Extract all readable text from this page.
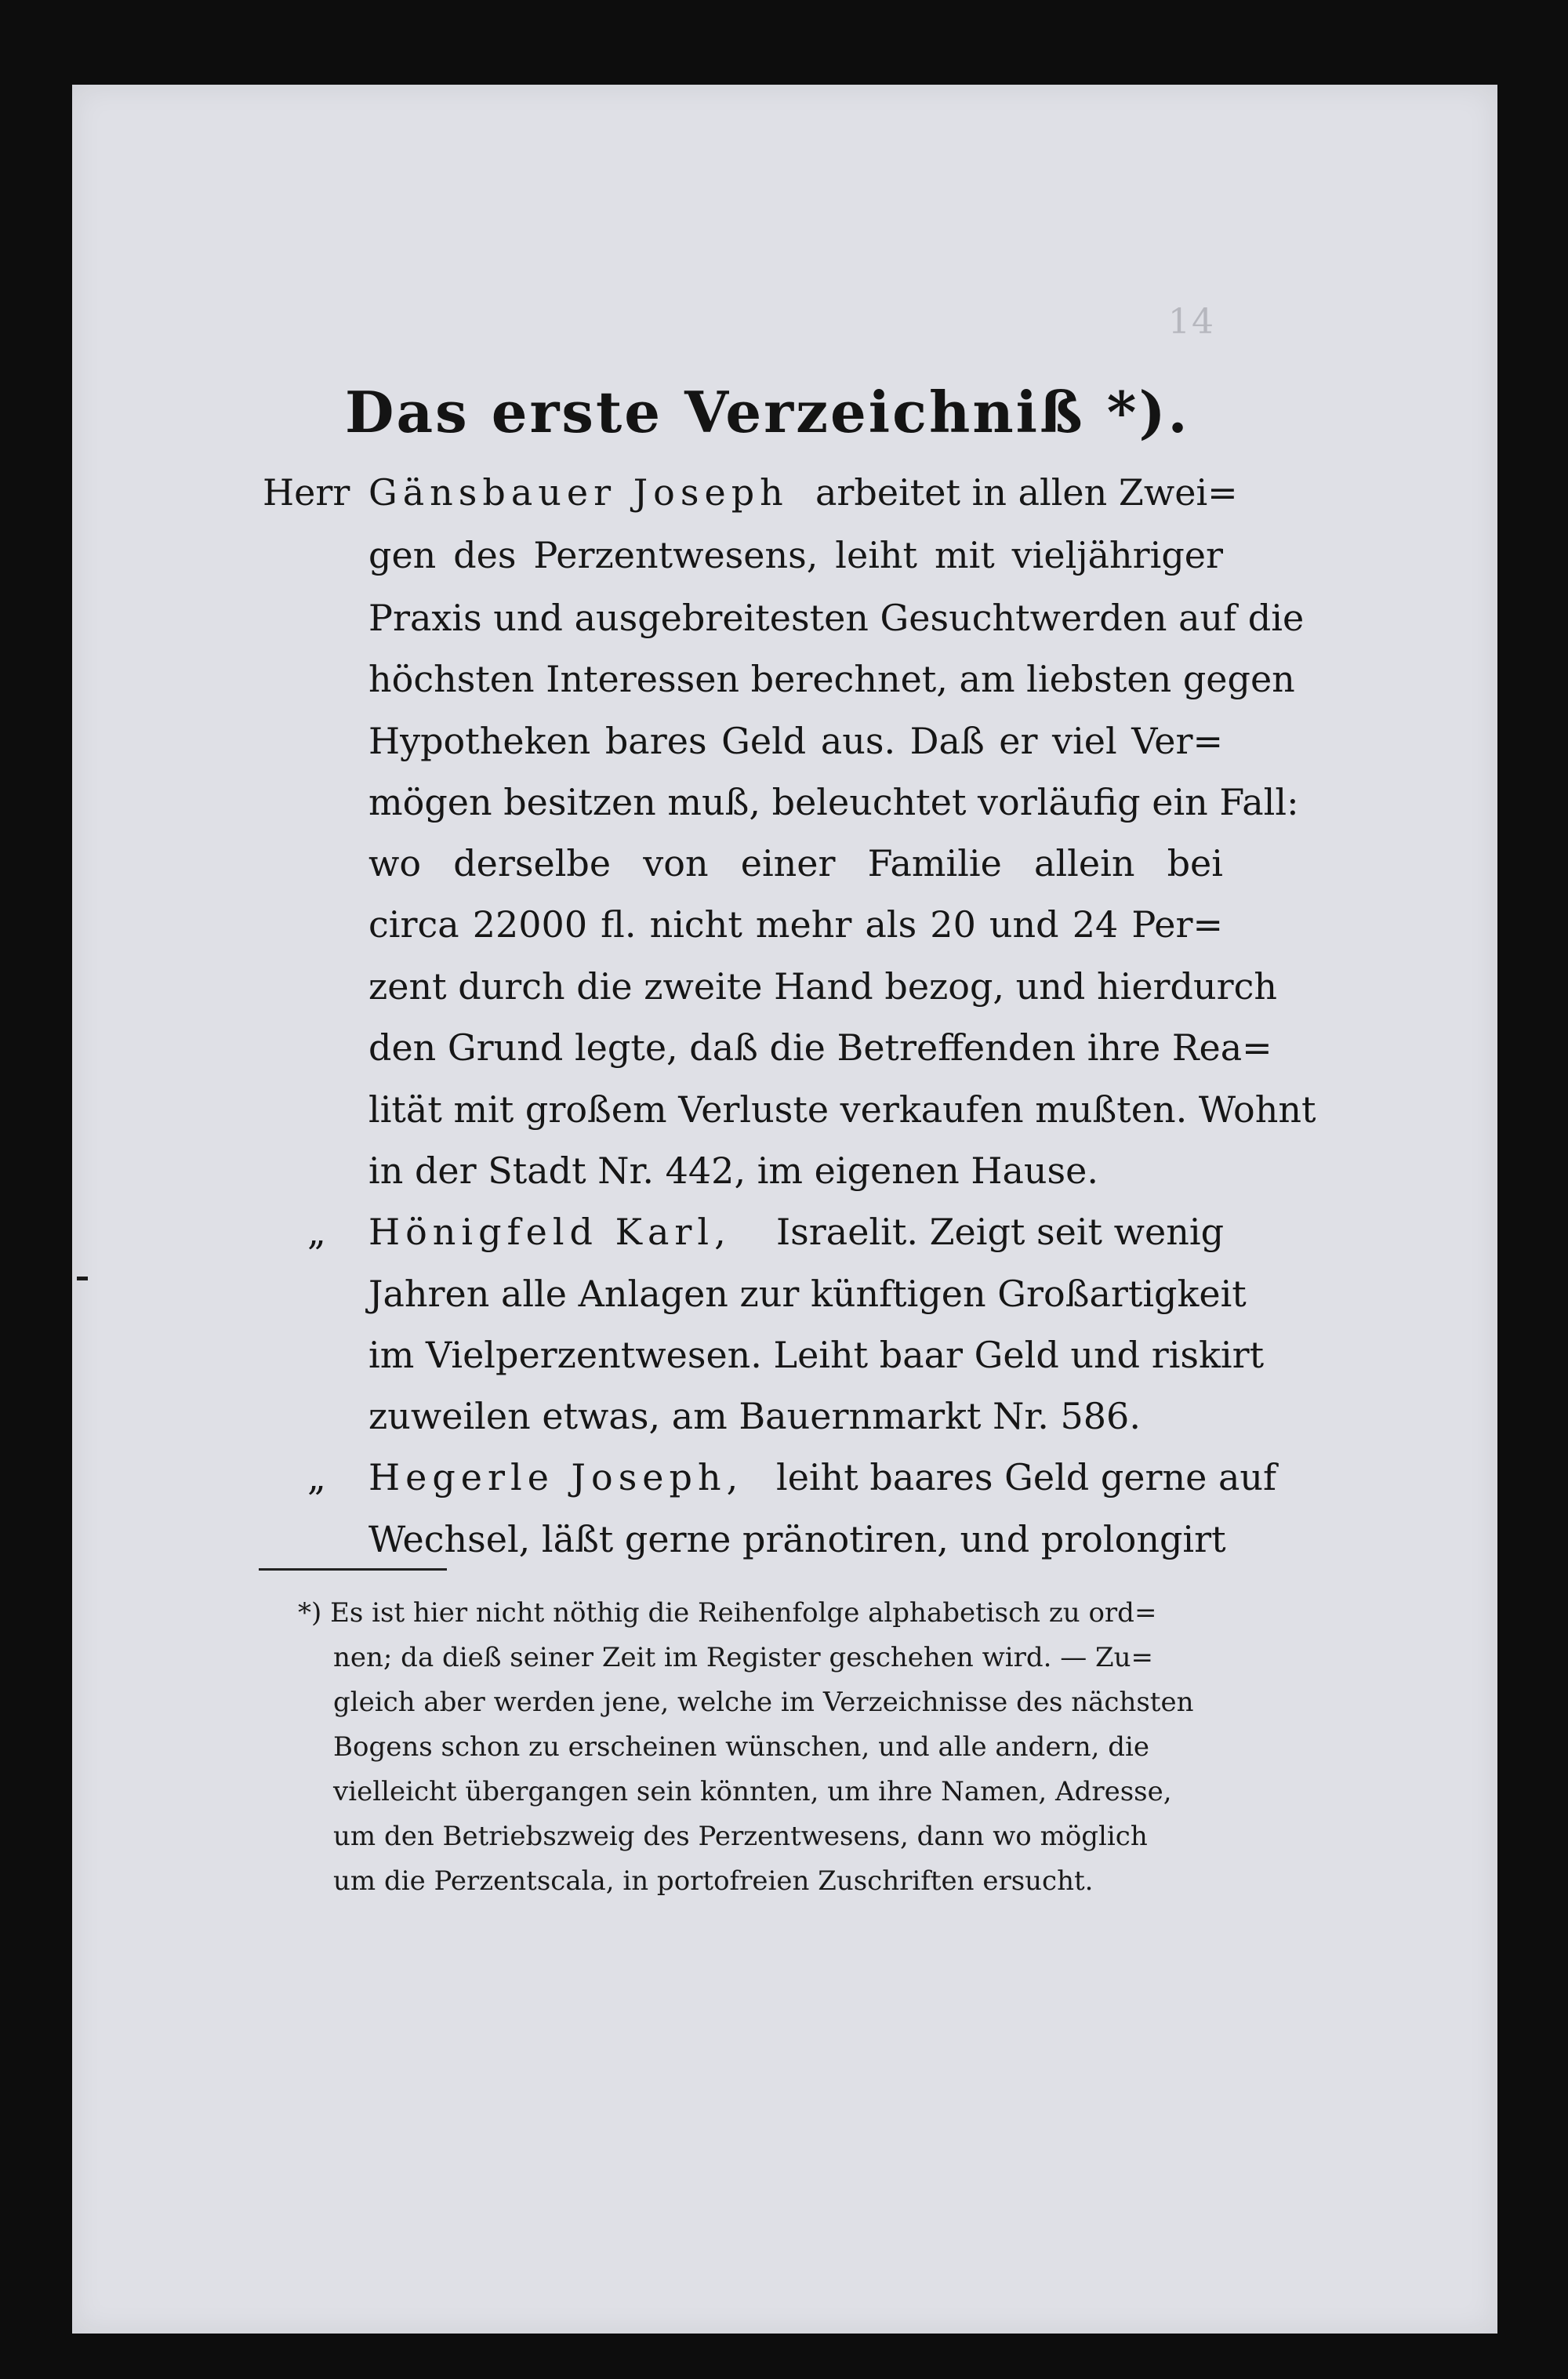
14
Das erste Verzeichniß *).
Herr Gänsbauer Joseph arbeitet in allen Zwei=
gen des Perzentwesens, leiht mit vieljähriger
Praxis und ausgebreitesten Gesuchtwerden auf die
höchsten Interessen berechnet, am liebsten gegen
Hypotheken bares Geld aus. Daß er viel Ver=
mögen besitzen muß, beleuchtet vorläufig ein Fall:
wo derselbe von einer Familie allein bei
circa 22000 fl. nicht mehr als 20 und 24 Per=
zent durch die zweite Hand bezog, und hierdurch
den Grund legte, daß die Betreffenden ihre Rea=
lität mit großem Verluste verkaufen mußten. Wohnt
in der Stadt Nr. 442, im eigenen Hause.
„ Hönigfeld Karl, Israelit. Zeigt seit wenig
Jahren alle Anlagen zur künftigen Großartigkeit
im Vielperzentwesen. Leiht baar Geld und riskirt
zuweilen etwas, am Bauernmarkt Nr. 586.
„ Hegerle Joseph, leiht baares Geld gerne auf
Wechsel, läßt gerne pränotiren, und prolongirt
*) Es ist hier nicht nöthig die Reihenfolge alphabetisch zu ord=
nen; da dieß seiner Zeit im Register geschehen wird. — Zu=
gleich aber werden jene, welche im Verzeichnisse des nächsten
Bogens schon zu erscheinen wünschen, und alle andern, die
vielleicht übergangen sein könnten, um ihre Namen, Adresse,
um den Betriebszweig des Perzentwesens, dann wo möglich
um die Perzentscala, in portofreien Zuschriften ersucht.
